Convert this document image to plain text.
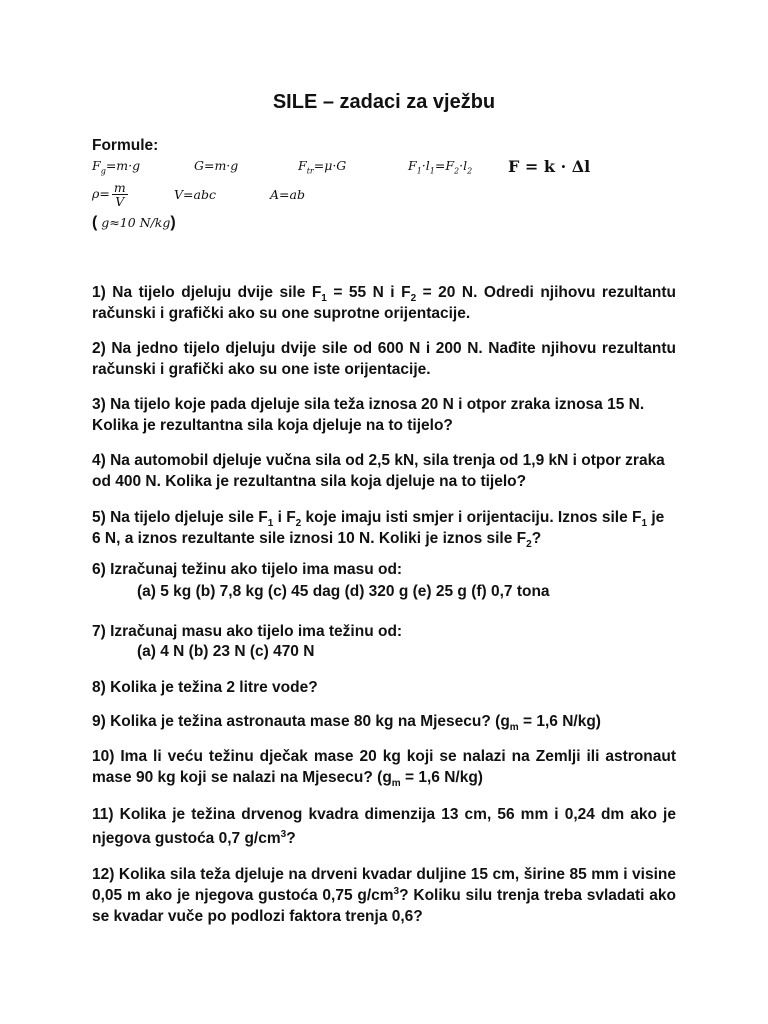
SILE – zadaci za vježbu
Formule:
$F_g=m\cdot g$	G=m·g	$F_{tr}=\mu\cdot G$	$F_1\cdot l_1=F_2\cdot l_2$ F = k · Δl
$\rho= \frac{m}{V}$	V=abc	A=ab
( g≈10 N/kg)
1) Na tijelo djeluju dvije sile $F_1 = 55$ N i $F_2 = 20$ N. Odredi njihovu rezultantu računski i grafički ako su one suprotne orijentacije.
2) Na jedno tijelo djeluju dvije sile od 600 N i 200 N. Nađite njihovu rezultantu računski i grafički ako su one iste orijentacije.
3) Na tijelo koje pada djeluje sila teža iznosa 20 N i otpor zraka iznosa 15 N. Kolika je rezultantna sila koja djeluje na to tijelo?
4) Na automobil djeluje vučna sila od 2,5 kN, sila trenja od 1,9 kN i otpor zraka od 400 N. Kolika je rezultantna sila koja djeluje na to tijelo?
5) Na tijelo djeluje sile $F_1$ i $F_2$ koje imaju isti smjer i orijentaciju. Iznos sile $F_1$ je 6 N, a iznos rezultante sile iznosi 10 N. Koliki je iznos sile $F_2$?
6) Izračunaj težinu ako tijelo ima masu od:
(a) 5 kg (b) 7,8 kg (c) 45 dag (d) 320 g (e) 25 g (f) 0,7 tona
7) Izračunaj masu ako tijelo ima težinu od:
(a) 4 N (b) 23 N (c) 470 N
8) Kolika je težina 2 litre vode?
9) Kolika je težina astronauta mase 80 kg na Mjesecu? ($g_m = 1,6$ N/kg)
10) Ima li veću težinu dječak mase 20 kg koji se nalazi na Zemlji ili astronaut mase 90 kg koji se nalazi na Mjesecu? ($g_m = 1,6$ N/kg)
11) Kolika je težina drvenog kvadra dimenzija 13 cm, 56 mm i 0,24 dm ako je njegova gustoća 0,7 $g/cm^3$?
12) Kolika sila teža djeluje na drveni kvadar duljine 15 cm, širine 85 mm i visine 0,05 m ako je njegova gustoća 0,75 $g/cm^3$? Koliku silu trenja treba svladati ako se kvadar vuče po podlozi faktora trenja 0,6?
